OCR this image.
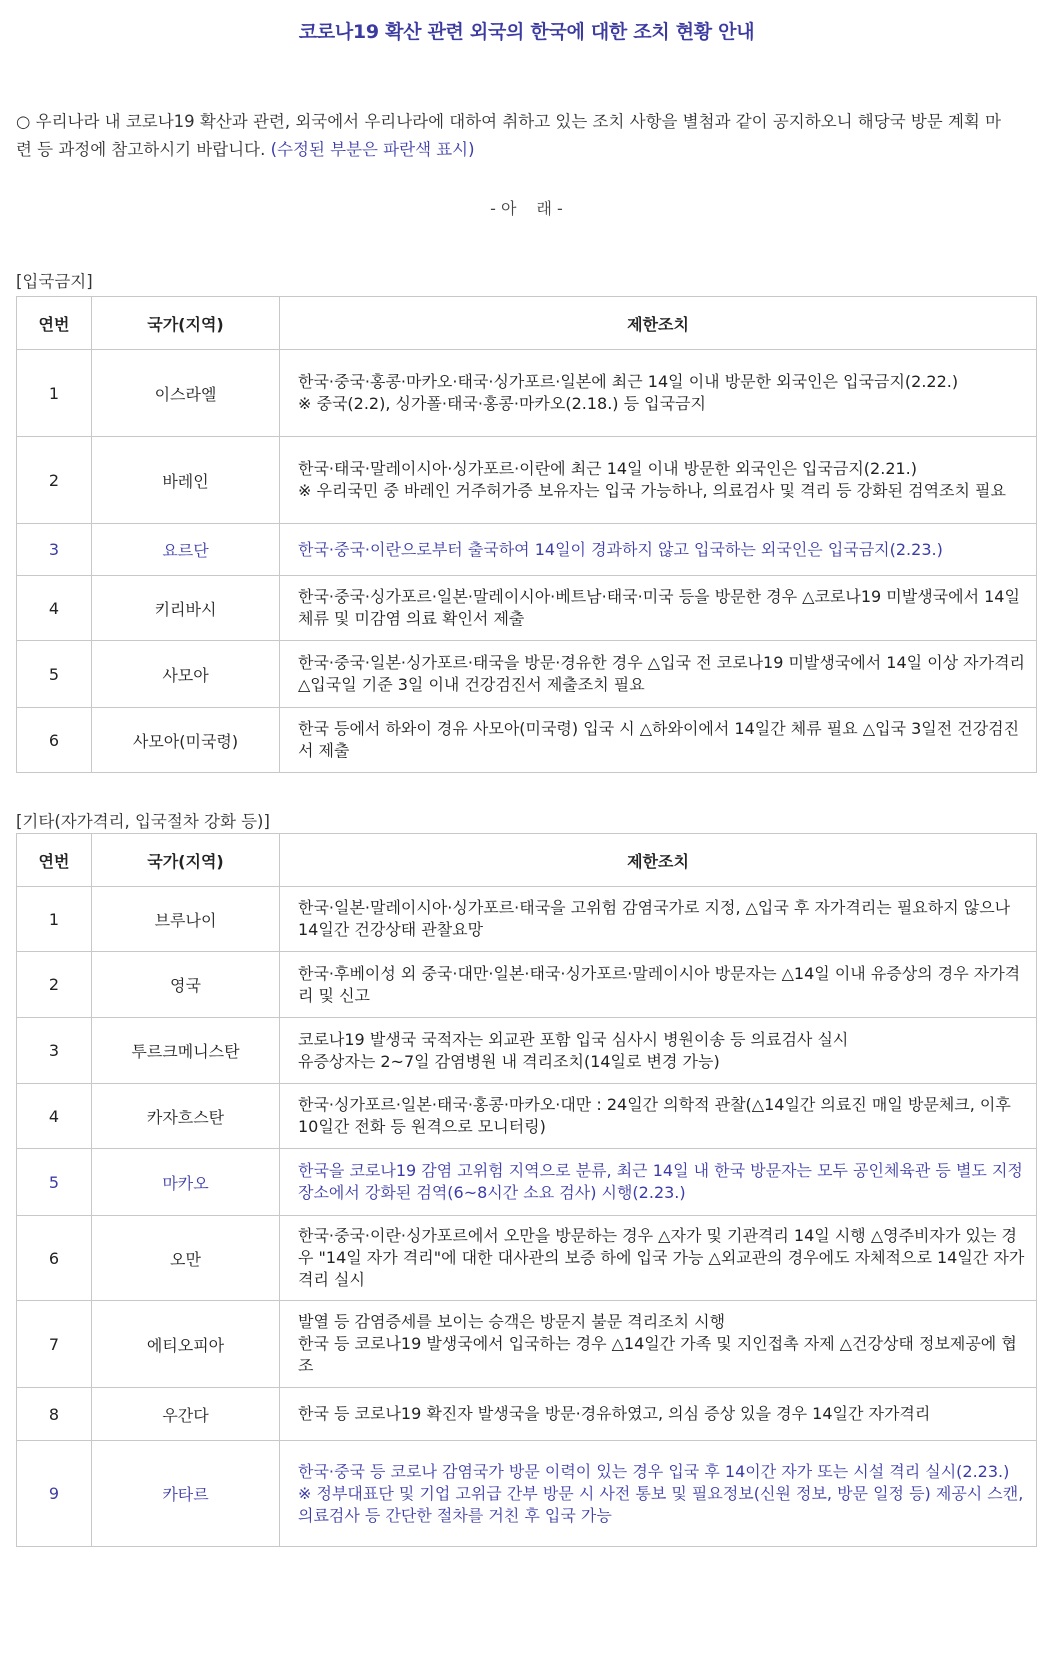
코로나19 확산 관련 외국의 한국에 대한 조치 현황 안내
○ 우리나라 내 코로나19 확산과 관련, 외국에서 우리나라에 대하여 취하고 있는 조치 사항을 별첨과 같이 공지하오니 해당국 방문 계획 마련 등 과정에 참고하시기 바랍니다. (수정된 부분은 파란색 표시)
- 아 래 -
[입국금지]
연번	국가(지역)	제한조치
1	이스라엘	한국·중국·홍콩·마카오·태국·싱가포르·일본에 최근 14일 이내 방문한 외국인은 입국금지(2.22.)
※ 중국(2.2), 싱가폴·태국·홍콩·마카오(2.18.) 등 입국금지

2	바레인	한국·태국·말레이시아·싱가포르·이란에 최근 14일 이내 방문한 외국인은 입국금지(2.21.)
※ 우리국민 중 바레인 거주허가증 보유자는 입국 가능하나, 의료검사 및 격리 등 강화된 검역조치 필요

3	요르단	한국·중국·이란으로부터 출국하여 14일이 경과하지 않고 입국하는 외국인은 입국금지(2.23.)

4	키리바시	한국·중국·싱가포르·일본·말레이시아·베트남·태국·미국 등을 방문한 경우 △코로나19 미발생국에서 14일 체류 및 미감염 의료 확인서 제출

5	사모아	한국·중국·일본·싱가포르·태국을 방문·경유한 경우 △입국 전 코로나19 미발생국에서 14일 이상 자가격리 △입국일 기준 3일 이내 건강검진서 제출조치 필요

6	사모아(미국령)	한국 등에서 하와이 경유 사모아(미국령) 입국 시 △하와이에서 14일간 체류 필요 △입국 3일전 건강검진서 제출
[기타(자가격리, 입국절차 강화 등)]
연번	국가(지역)	제한조치
1	브루나이	한국·일본·말레이시아·싱가포르·태국을 고위험 감염국가로 지정, △입국 후 자가격리는 필요하지 않으나 14일간 건강상태 관찰요망

2	영국	한국·후베이성 외 중국·대만·일본·태국·싱가포르·말레이시아 방문자는 △14일 이내 유증상의 경우 자가격리 및 신고

3	투르크메니스탄	코로나19 발생국 국적자는 외교관 포함 입국 심사시 병원이송 등 의료검사 실시
유증상자는 2~7일 감염병원 내 격리조치(14일로 변경 가능)

4	카자흐스탄	한국·싱가포르·일본·태국·홍콩·마카오·대만 : 24일간 의학적 관찰(△14일간 의료진 매일 방문체크, 이후 10일간 전화 등 원격으로 모니터링)

5	마카오	한국을 코로나19 감염 고위험 지역으로 분류, 최근 14일 내 한국 방문자는 모두 공인체육관 등 별도 지정장소에서 강화된 검역(6~8시간 소요 검사) 시행(2.23.)

6	오만	한국·중국·이란·싱가포르에서 오만을 방문하는 경우 △자가 및 기관격리 14일 시행 △영주비자가 있는 경우 "14일 자가 격리"에 대한 대사관의 보증 하에 입국 가능 △외교관의 경우에도 자체적으로 14일간 자가 격리 실시

7	에티오피아	발열 등 감염증세를 보이는 승객은 방문지 불문 격리조치 시행
한국 등 코로나19 발생국에서 입국하는 경우 △14일간 가족 및 지인접촉 자제 △건강상태 정보제공에 협조

8	우간다	한국 등 코로나19 확진자 발생국을 방문·경유하였고, 의심 증상 있을 경우 14일간 자가격리

9	카타르	한국·중국 등 코로나 감염국가 방문 이력이 있는 경우 입국 후 14이간 자가 또는 시설 격리 실시(2.23.)
※ 정부대표단 및 기업 고위급 간부 방문 시 사전 통보 및 필요정보(신원 정보, 방문 일정 등) 제공시 스캔, 의료검사 등 간단한 절차를 거친 후 입국 가능
